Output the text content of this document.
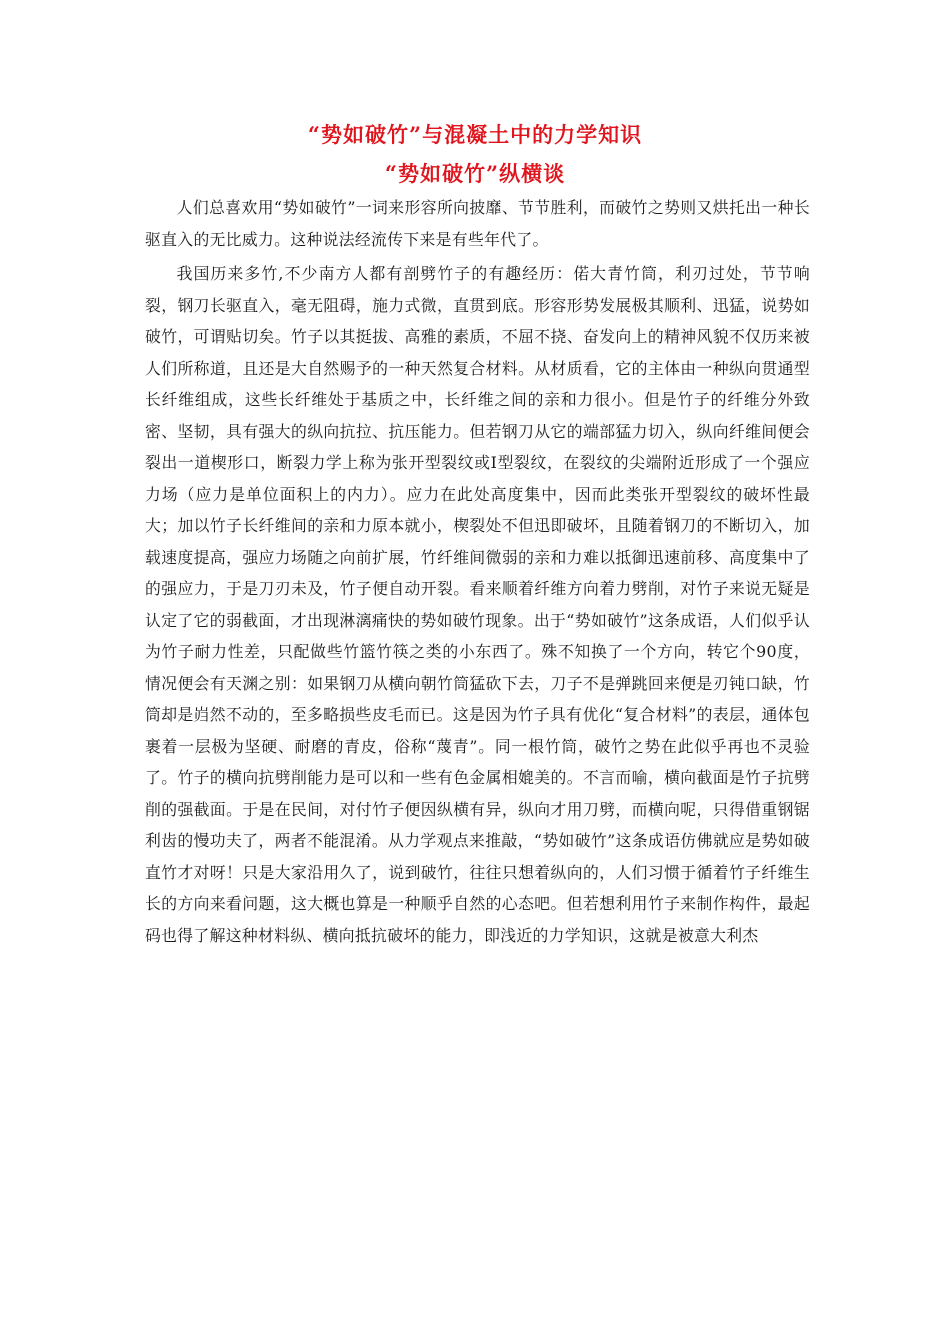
“势如破竹”与混凝土中的力学知识
“势如破竹”纵横谈

人们总喜欢用“势如破竹”一词来形容所向披靡、节节胜利，而破竹之势则又烘托出一种长驱直入的无比威力。这种说法经流传下来是有些年代了。

我国历来多竹,不少南方人都有剖劈竹子的有趣经历：偌大青竹筒，利刃过处，节节响裂，钢刀长驱直入，毫无阻碍，施力式微，直贯到底。形容形势发展极其顺利、迅猛，说势如破竹，可谓贴切矣。竹子以其挺拔、高雅的素质，不屈不挠、奋发向上的精神风貌不仅历来被人们所称道，且还是大自然赐予的一种天然复合材料。从材质看，它的主体由一种纵向贯通型长纤维组成，这些长纤维处于基质之中，长纤维之间的亲和力很小。但是竹子的纤维分外致密、坚韧，具有强大的纵向抗拉、抗压能力。但若钢刀从它的端部猛力切入，纵向纤维间便会裂出一道楔形口，断裂力学上称为张开型裂纹或Ⅰ型裂纹，在裂纹的尖端附近形成了一个强应力场（应力是单位面积上的内力）。应力在此处高度集中，因而此类张开型裂纹的破坏性最大；加以竹子长纤维间的亲和力原本就小，楔裂处不但迅即破坏，且随着钢刀的不断切入，加载速度提高，强应力场随之向前扩展，竹纤维间微弱的亲和力难以抵御迅速前移、高度集中了的强应力，于是刀刃未及，竹子便自动开裂。看来顺着纤维方向着力劈削，对竹子来说无疑是认定了它的弱截面，才出现淋漓痛快的势如破竹现象。出于“势如破竹”这条成语，人们似乎认为竹子耐力性差，只配做些竹篮竹筷之类的小东西了。殊不知换了一个方向，转它个90度，情况便会有天渊之别：如果钢刀从横向朝竹筒猛砍下去，刀子不是弹跳回来便是刃钝口缺，竹筒却是岿然不动的，至多略损些皮毛而已。这是因为竹子具有优化“复合材料”的表层，通体包裹着一层极为坚硬、耐磨的青皮，俗称“蔑青”。同一根竹筒，破竹之势在此似乎再也不灵验了。竹子的横向抗劈削能力是可以和一些有色金属相媲美的。不言而喻，横向截面是竹子抗劈削的强截面。于是在民间，对付竹子便因纵横有异，纵向才用刀劈，而横向呢，只得借重钢锯利齿的慢功夫了，两者不能混淆。从力学观点来推敲，“势如破竹”这条成语仿佛就应是势如破直竹才对呀！只是大家沿用久了，说到破竹，往往只想着纵向的，人们习惯于循着竹子纤维生长的方向来看问题，这大概也算是一种顺乎自然的心态吧。但若想利用竹子来制作构件，最起码也得了解这种材料纵、横向抵抗破坏的能力，即浅近的力学知识，这就是被意大利杰
